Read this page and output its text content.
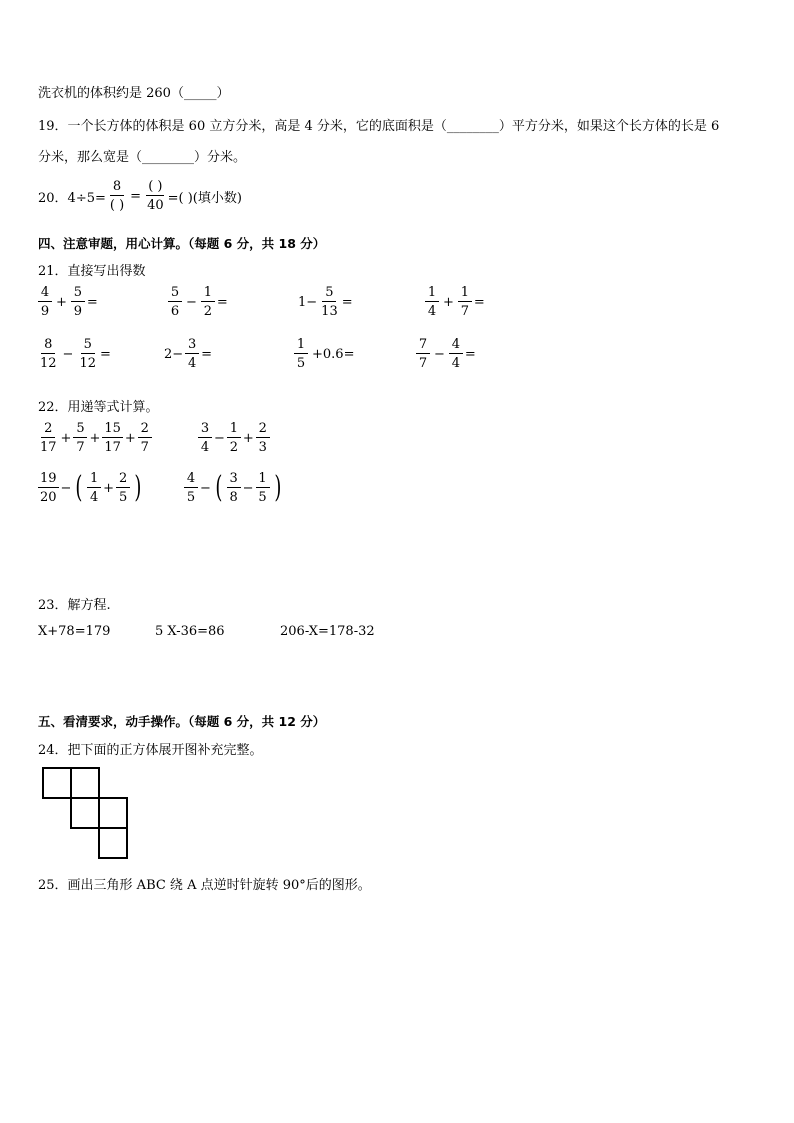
洗衣机的体积约是 260（_____）
19．一个长方体的体积是 60 立方分米，高是 4 分米，它的底面积是（________）平方分米，如果这个长方体的长是 6
分米，那么宽是（________）分米。
20．$4\div 5= \frac{8}{( )} = \frac{( )}{40}$ =( )(填小数)
四、注意审题，用心计算。（每题 6 分，共 18 分）
21．直接写出得数
$\frac{4}{9} + \frac{5}{9}$ =	$\frac{5}{6} - \frac{1}{2}$ =	$1- \frac{5}{13}$ =	$\frac{1}{4} + \frac{1}{7}$ =
$\frac{8}{12} - \frac{5}{12}$ =	$2- \frac{3}{4}$ =	$\frac{1}{5} +0.6=$	$\frac{7}{7} - \frac{4}{4}$ =
22．用递等式计算。
$\frac{2}{17} + \frac{5}{7} + \frac{15}{17} + \frac{2}{7}$	$\frac{3}{4} - \frac{1}{2} + \frac{2}{3}$
$\frac{19}{20}$ − ( $\frac{1}{4} + \frac{2}{5}$ )	$\frac{4}{5}$ − ( $\frac{3}{8} - \frac{1}{5}$ )
23．解方程.
X+78=179	5 X-36=86	206-X=178-32
五、看清要求，动手操作。（每题 6 分，共 12 分）
24．把下面的正方体展开图补充完整。
25．画出三角形 ABC 绕 A 点逆时针旋转 90°后的图形。
